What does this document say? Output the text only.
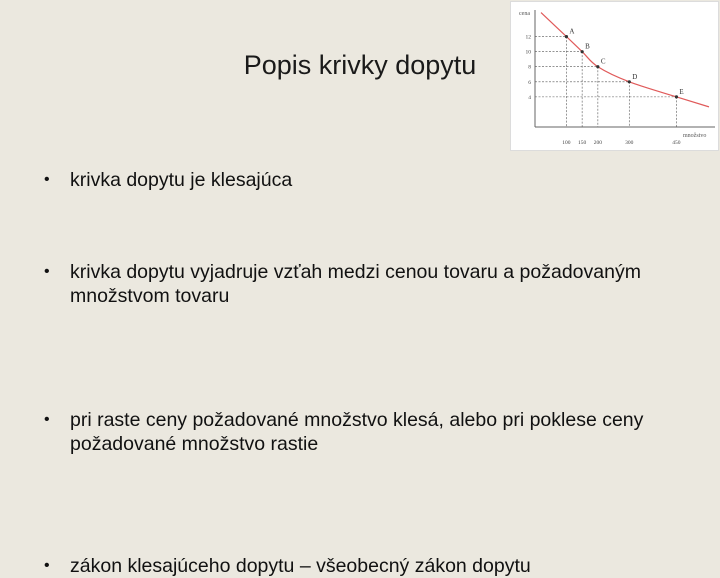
Popis krivky dopytu
cena
množstvo
12
10
8
6
4
100 150 200	300	450
A
B
C
D
E
• krivka dopytu je klesajúca
• krivka dopytu vyjadruje vzťah medzi cenou tovaru a požadovaným množstvom tovaru
• pri raste ceny požadované množstvo klesá, alebo pri poklese ceny požadované množstvo rastie
• zákon klesajúceho dopytu – všeobecný zákon dopytu
